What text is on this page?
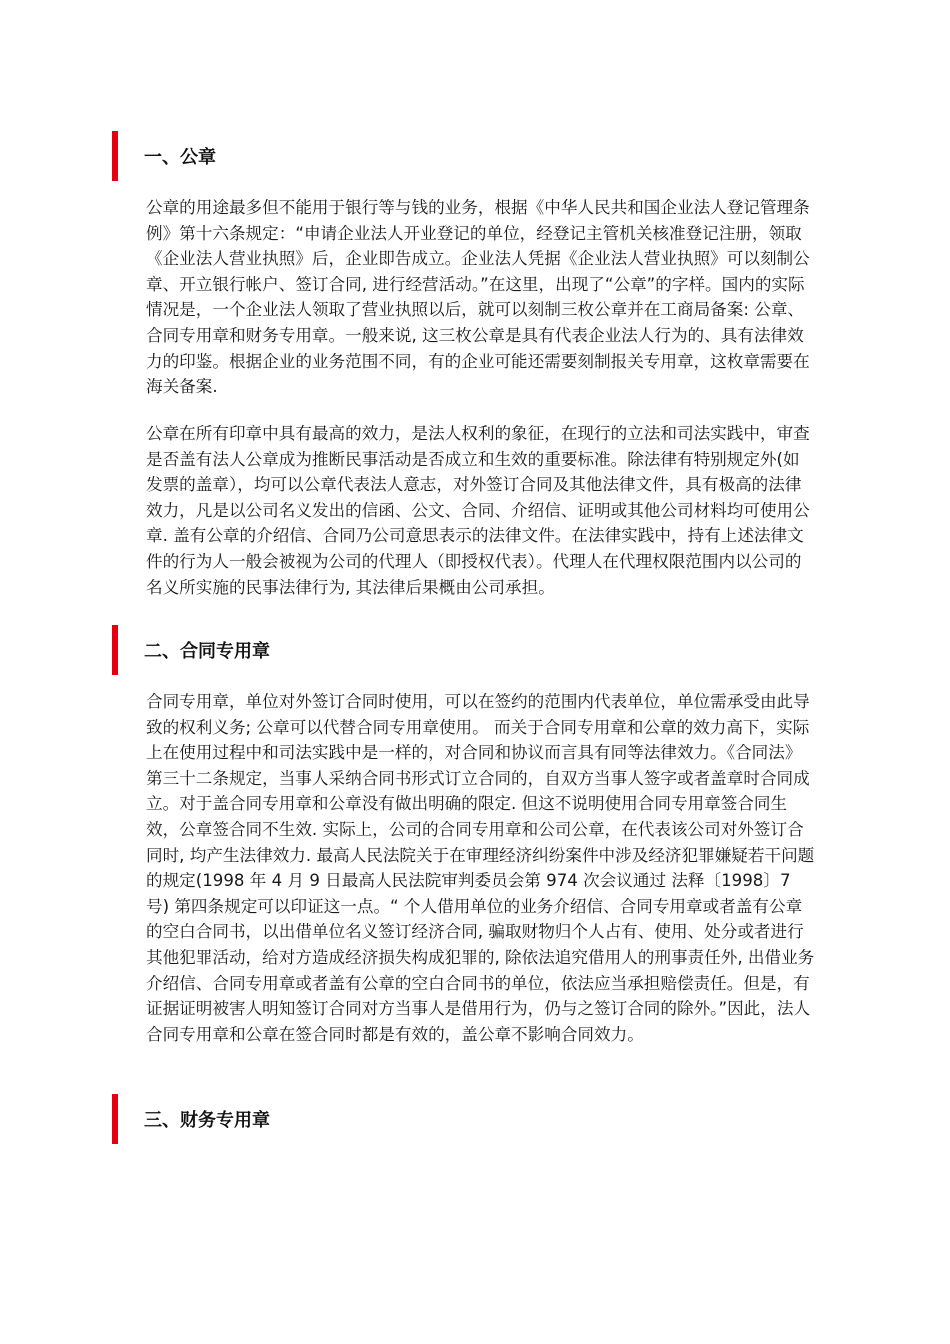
一、公章

公章的用途最多但不能用于银行等与钱的业务，根据《中华人民共和国企业法人登记管理条例》第十六条规定：“申请企业法人开业登记的单位，经登记主管机关核准登记注册，领取《企业法人营业执照》后，企业即告成立。企业法人凭据《企业法人营业执照》可以刻制公章、开立银行帐户、签订合同, 进行经营活动。”在这里，出现了“公章”的字样。国内的实际情况是，一个企业法人领取了营业执照以后，就可以刻制三枚公章并在工商局备案: 公章、合同专用章和财务专用章。一般来说, 这三枚公章是具有代表企业法人行为的、具有法律效力的印鉴。根据企业的业务范围不同，有的企业可能还需要刻制报关专用章，这枚章需要在海关备案.

公章在所有印章中具有最高的效力，是法人权利的象征，在现行的立法和司法实践中，审查是否盖有法人公章成为推断民事活动是否成立和生效的重要标准。除法律有特别规定外(如发票的盖章），均可以公章代表法人意志，对外签订合同及其他法律文件，具有极高的法律效力，凡是以公司名义发出的信函、公文、合同、介绍信、证明或其他公司材料均可使用公章. 盖有公章的介绍信、合同乃公司意思表示的法律文件。在法律实践中，持有上述法律文件的行为人一般会被视为公司的代理人（即授权代表）。代理人在代理权限范围内以公司的名义所实施的民事法律行为, 其法律后果概由公司承担。

二、合同专用章

合同专用章，单位对外签订合同时使用，可以在签约的范围内代表单位，单位需承受由此导致的权利义务; 公章可以代替合同专用章使用。 而关于合同专用章和公章的效力高下，实际上在使用过程中和司法实践中是一样的，对合同和协议而言具有同等法律效力。《合同法》第三十二条规定，当事人采纳合同书形式订立合同的，自双方当事人签字或者盖章时合同成立。对于盖合同专用章和公章没有做出明确的限定. 但这不说明使用合同专用章签合同生效，公章签合同不生效. 实际上，公司的合同专用章和公司公章，在代表该公司对外签订合同时, 均产生法律效力. 最高人民法院关于在审理经济纠纷案件中涉及经济犯罪嫌疑若干问题的规定(1998 年 4 月 9 日最高人民法院审判委员会第 974 次会议通过 法释〔1998〕7 号) 第四条规定可以印证这一点。“ 个人借用单位的业务介绍信、合同专用章或者盖有公章的空白合同书，以出借单位名义签订经济合同, 骗取财物归个人占有、使用、处分或者进行其他犯罪活动，给对方造成经济损失构成犯罪的, 除依法追究借用人的刑事责任外, 出借业务介绍信、合同专用章或者盖有公章的空白合同书的单位，依法应当承担赔偿责任。但是，有证据证明被害人明知签订合同对方当事人是借用行为，仍与之签订合同的除外。”因此，法人合同专用章和公章在签合同时都是有效的，盖公章不影响合同效力。

三、财务专用章
